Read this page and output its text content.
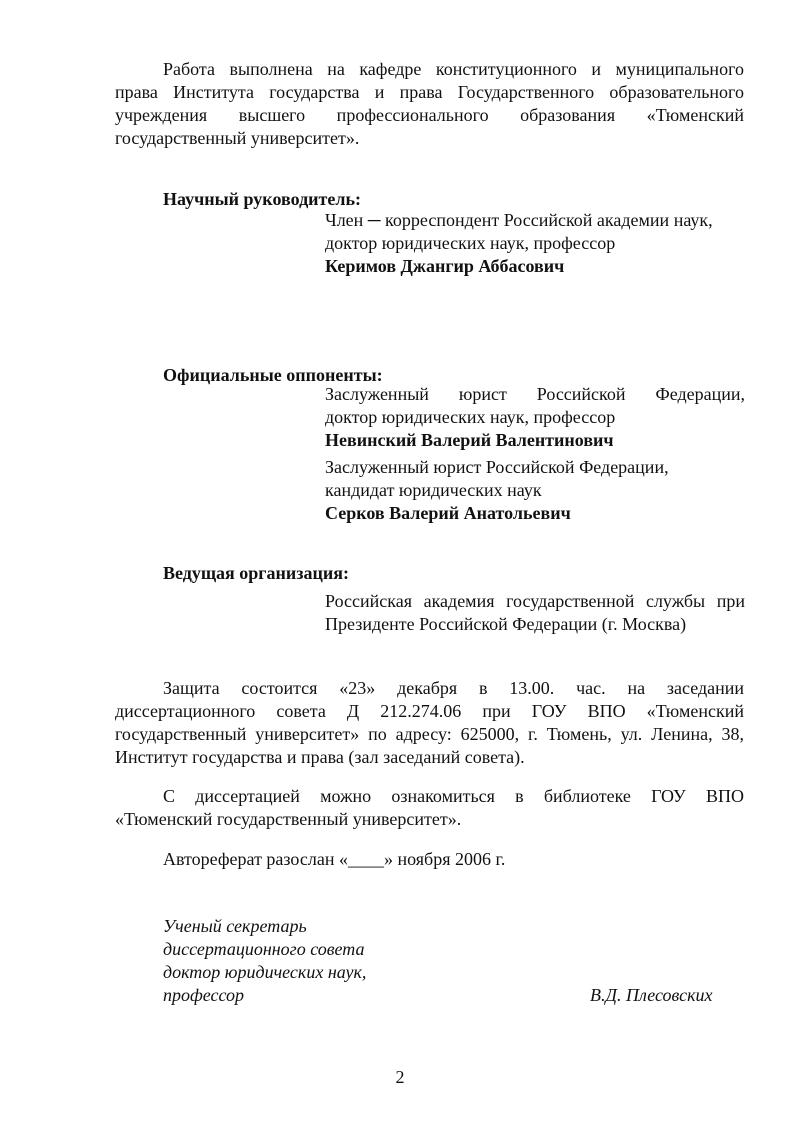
Работа выполнена на кафедре конституционного и муниципального
права Института государства и права Государственного образовательного
учреждения высшего профессионального образования «Тюменский
государственный университет».
Научный руководитель:
Член ─ корреспондент Российской академии наук,
доктор юридических наук, профессор
Керимов Джангир Аббасович
Официальные оппоненты:
Заслуженный юрист Российской Федерации,
доктор юридических наук, профессор
Невинский Валерий Валентинович
Заслуженный юрист Российской Федерации,
кандидат юридических наук
Серков Валерий Анатольевич
Ведущая организация:
Российская академия государственной службы при
Президенте Российской Федерации (г. Москва)
Защита состоится «23» декабря в 13.00. час. на заседании
диссертационного совета Д 212.274.06 при ГОУ ВПО «Тюменский
государственный университет» по адресу: 625000, г. Тюмень, ул. Ленина, 38,
Институт государства и права (зал заседаний совета).
С диссертацией можно ознакомиться в библиотеке ГОУ ВПО
«Тюменский государственный университет».
Автореферат разослан «____» ноября 2006 г.
Ученый секретарь
диссертационного совета
доктор юридических наук,
профессор	В.Д. Плесовских
2
